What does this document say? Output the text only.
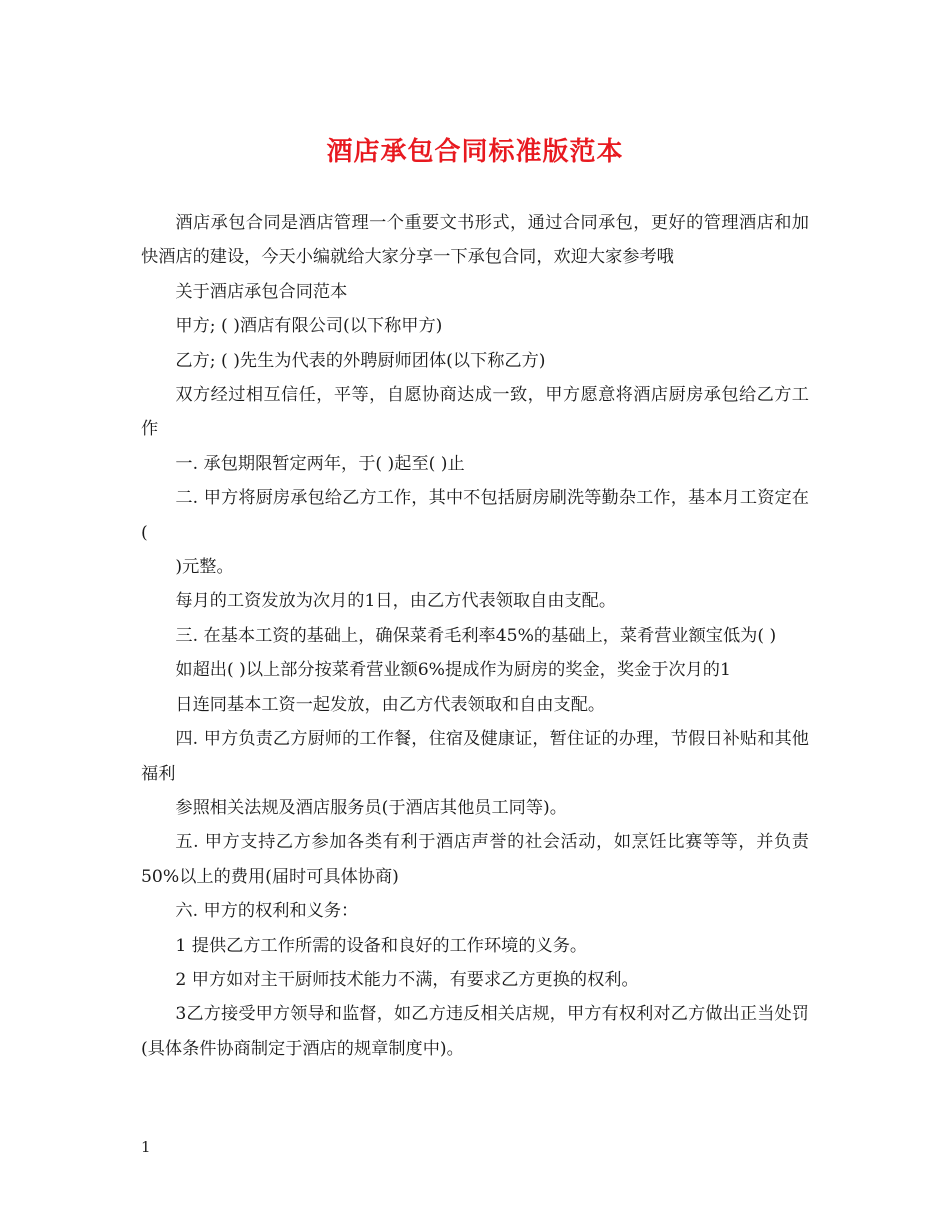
酒店承包合同标准版范本

酒店承包合同是酒店管理一个重要文书形式，通过合同承包，更好的管理酒店和加快酒店的建设，今天小编就给大家分享一下承包合同，欢迎大家参考哦

关于酒店承包合同范本

甲方; ( )酒店有限公司(以下称甲方)

乙方; ( )先生为代表的外聘厨师团体(以下称乙方)

双方经过相互信任，平等，自愿协商达成一致，甲方愿意将酒店厨房承包给乙方工作

一. 承包期限暂定两年，于( )起至( )止

二. 甲方将厨房承包给乙方工作，其中不包括厨房刷洗等勤杂工作，基本月工资定在(

)元整。

每月的工资发放为次月的1日，由乙方代表领取自由支配。

三. 在基本工资的基础上，确保菜肴毛利率45%的基础上，菜肴营业额宝低为( )

如超出( )以上部分按菜肴营业额6%提成作为厨房的奖金，奖金于次月的1

日连同基本工资一起发放，由乙方代表领取和自由支配。

四. 甲方负责乙方厨师的工作餐，住宿及健康证，暂住证的办理，节假日补贴和其他福利

参照相关法规及酒店服务员(于酒店其他员工同等)。

五. 甲方支持乙方参加各类有利于酒店声誉的社会活动，如烹饪比赛等等，并负责50%以上的费用(届时可具体协商)

六. 甲方的权利和义务：

1 提供乙方工作所需的设备和良好的工作环境的义务。

2 甲方如对主干厨师技术能力不满，有要求乙方更换的权利。

3乙方接受甲方领导和监督，如乙方违反相关店规，甲方有权利对乙方做出正当处罚(具体条件协商制定于酒店的规章制度中)。

1
